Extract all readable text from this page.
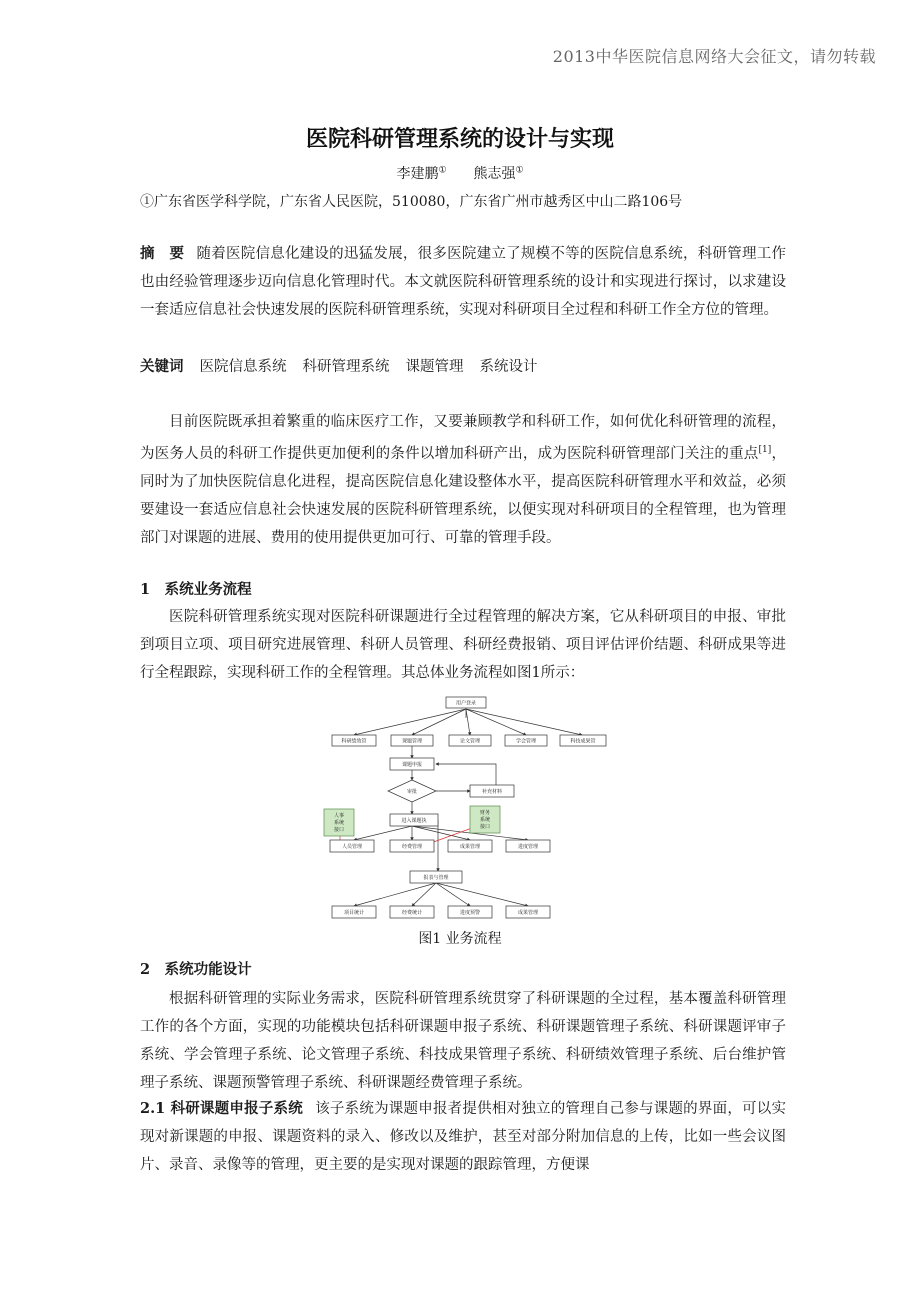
2013中华医院信息网络大会征文，请勿转载
医院科研管理系统的设计与实现
李建鹏① 熊志强①
①广东省医学科学院，广东省人民医院，510080，广东省广州市越秀区中山二路106号
摘　要 随着医院信息化建设的迅猛发展，很多医院建立了规模不等的医院信息系统，科研管理工作也由经验管理逐步迈向信息化管理时代。本文就医院科研管理系统的设计和实现进行探讨，以求建设一套适应信息社会快速发展的医院科研管理系统，实现对科研项目全过程和科研工作全方位的管理。
关键词 医院信息系统 科研管理系统 课题管理 系统设计
目前医院既承担着繁重的临床医疗工作，又要兼顾教学和科研工作，如何优化科研管理的流程，为医务人员的科研工作提供更加便利的条件以增加科研产出，成为医院科研管理部门关注的重点[1]，同时为了加快医院信息化进程，提高医院信息化建设整体水平，提高医院科研管理水平和效益，必须要建设一套适应信息社会快速发展的医院科研管理系统，以便实现对科研项目的全程管理，也为管理部门对课题的进展、费用的使用提供更加可行、可靠的管理手段。
1　系统业务流程
医院科研管理系统实现对医院科研课题进行全过程管理的解决方案，它从科研项目的申报、审批到项目立项、项目研究进展管理、科研人员管理、科研经费报销、项目评估评价结题、科研成果等进行全程跟踪，实现科研工作的全程管理。其总体业务流程如图1所示：
用户登录
科研绩效管	课题管理	论文管理	学会管理	科技成果管
课题申报
审批	补充材料
人事
系统
接口
进入课题执
财务
系统
接口
人员管理	经费管理	成果管理	进度管理
报表与管理
项目统计	经费统计	进度预警	成果管理
图1 业务流程
2　系统功能设计
根据科研管理的实际业务需求，医院科研管理系统贯穿了科研课题的全过程，基本覆盖科研管理工作的各个方面，实现的功能模块包括科研课题申报子系统、科研课题管理子系统、科研课题评审子系统、学会管理子系统、论文管理子系统、科技成果管理子系统、科研绩效管理子系统、后台维护管理子系统、课题预警管理子系统、科研课题经费管理子系统。
2.1 科研课题申报子系统 该子系统为课题申报者提供相对独立的管理自己参与课题的界面，可以实现对新课题的申报、课题资料的录入、修改以及维护，甚至对部分附加信息的上传，比如一些会议图片、录音、录像等的管理，更主要的是实现对课题的跟踪管理，方便课
